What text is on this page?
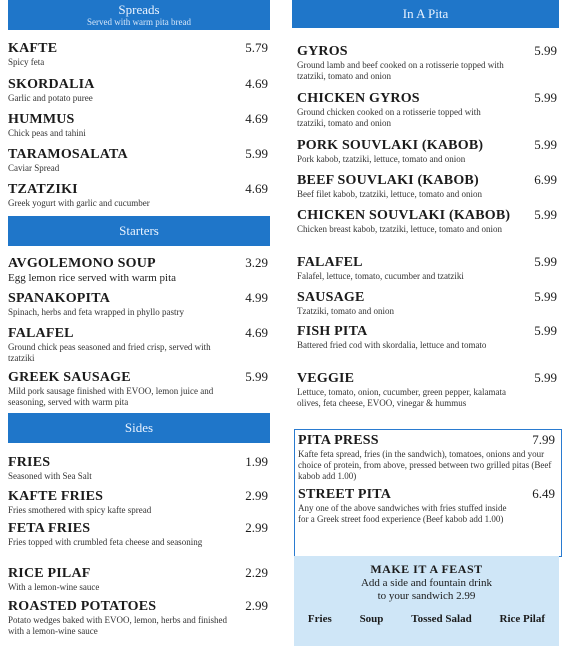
Spreads
Served with warm pita bread
KAFTE	5.79
Spicy feta
SKORDALIA	4.69
Garlic and potato puree
HUMMUS	4.69
Chick peas and tahini
TARAMOSALATA	5.99
Caviar Spread
TZATZIKI	4.69
Greek yogurt with garlic and cucumber
Starters
AVGOLEMONO SOUP	3.29
Egg lemon rice served with warm pita
SPANAKOPITA	4.99
Spinach, herbs and feta wrapped in phyllo pastry
FALAFEL	4.69
Ground chick peas seasoned and fried crisp, served with tzatziki
GREEK SAUSAGE	5.99
Mild pork sausage finished with EVOO, lemon juice and seasoning, served with warm pita
Sides
FRIES	1.99
Seasoned with Sea Salt
KAFTE FRIES	2.99
Fries smothered with spicy kafte spread
FETA FRIES	2.99
Fries topped with crumbled feta cheese and seasoning
RICE PILAF	2.29
With a lemon-wine sauce
ROASTED POTATOES	2.99
Potato wedges baked with EVOO, lemon, herbs and finished with a lemon-wine sauce
In A Pita
GYROS	5.99
Ground lamb and beef cooked on a rotisserie topped with tzatziki, tomato and onion
CHICKEN GYROS	5.99
Ground chicken cooked on a rotisserie topped with tzatziki, tomato and onion
PORK SOUVLAKI (KABOB)	5.99
Pork kabob, tzatziki, lettuce, tomato and onion
BEEF SOUVLAKI (KABOB)	6.99
Beef filet kabob, tzatziki, lettuce, tomato and onion
CHICKEN SOUVLAKI (KABOB) 5.99
Chicken breast kabob, tzatziki, lettuce, tomato and onion
FALAFEL	5.99
Falafel, lettuce, tomato, cucumber and tzatziki
SAUSAGE	5.99
Tzatziki, tomato and onion
FISH PITA	5.99
Battered fried cod with skordalia, lettuce and tomato
VEGGIE	5.99
Lettuce, tomato, onion, cucumber, green pepper, kalamata olives, feta cheese, EVOO, vinegar & hummus
PITA PRESS	7.99
Kafte feta spread, fries (in the sandwich), tomatoes, onions and your choice of protein, from above, pressed between two grilled pitas (Beef kabob add 1.00)
STREET PITA	6.49
Any one of the above sandwiches with fries stuffed inside for a Greek street food experience (Beef kabob add 1.00)
MAKE IT A FEAST
Add a side and fountain drink
to your sandwich 2.99
Fries	Soup	Tossed Salad	Rice Pilaf
